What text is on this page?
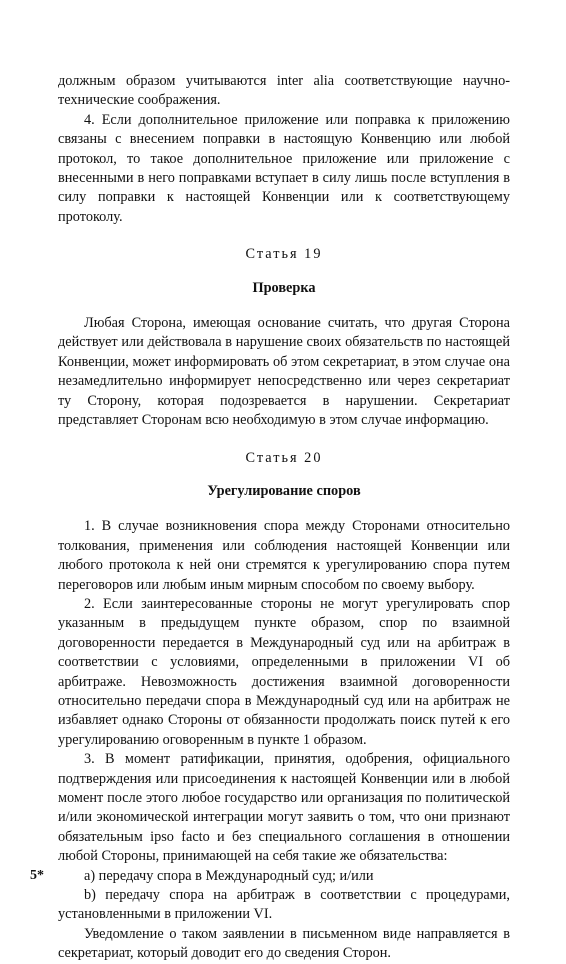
должным образом учитываются inter alia соответствующие научно-технические соображения.

4. Если дополнительное приложение или поправка к приложению связаны с внесением поправки в настоящую Конвенцию или любой протокол, то такое дополнительное приложение или приложение с внесенными в него поправками вступает в силу лишь после вступления в силу поправки к настоящей Конвенции или к соответствующему протоколу.

Статья 19

Проверка

Любая Сторона, имеющая основание считать, что другая Сторона действует или действовала в нарушение своих обязательств по настоящей Конвенции, может информировать об этом секретариат, в этом случае она незамедлительно информирует непосредственно или через секретариат ту Сторону, которая подозревается в нарушении. Секретариат представляет Сторонам всю необходимую в этом случае информацию.

Статья 20

Урегулирование споров

1. В случае возникновения спора между Сторонами относительно толкования, применения или соблюдения настоящей Конвенции или любого протокола к ней они стремятся к урегулированию спора путем переговоров или любым иным мирным способом по своему выбору.

2. Если заинтересованные стороны не могут урегулировать спор указанным в предыдущем пункте образом, спор по взаимной договоренности передается в Международный суд или на арбитраж в соответствии с условиями, определенными в приложении VI об арбитраже. Невозможность достижения взаимной договоренности относительно передачи спора в Международный суд или на арбитраж не избавляет однако Стороны от обязанности продолжать поиск путей к его урегулированию оговоренным в пункте 1 образом.

3. В момент ратификации, принятия, одобрения, официального подтверждения или присоединения к настоящей Конвенции или в любой момент после этого любое государство или организация по политической и/или экономической интеграции могут заявить о том, что они признают обязательным ipso facto и без специального соглашения в отношении любой Стороны, принимающей на себя такие же обязательства:

а) передачу спора в Международный суд; и/или

b) передачу спора на арбитраж в соответствии с процедурами, установленными в приложении VI.

Уведомление о таком заявлении в письменном виде направляется в секретариат, который доводит его до сведения Сторон.

5*
